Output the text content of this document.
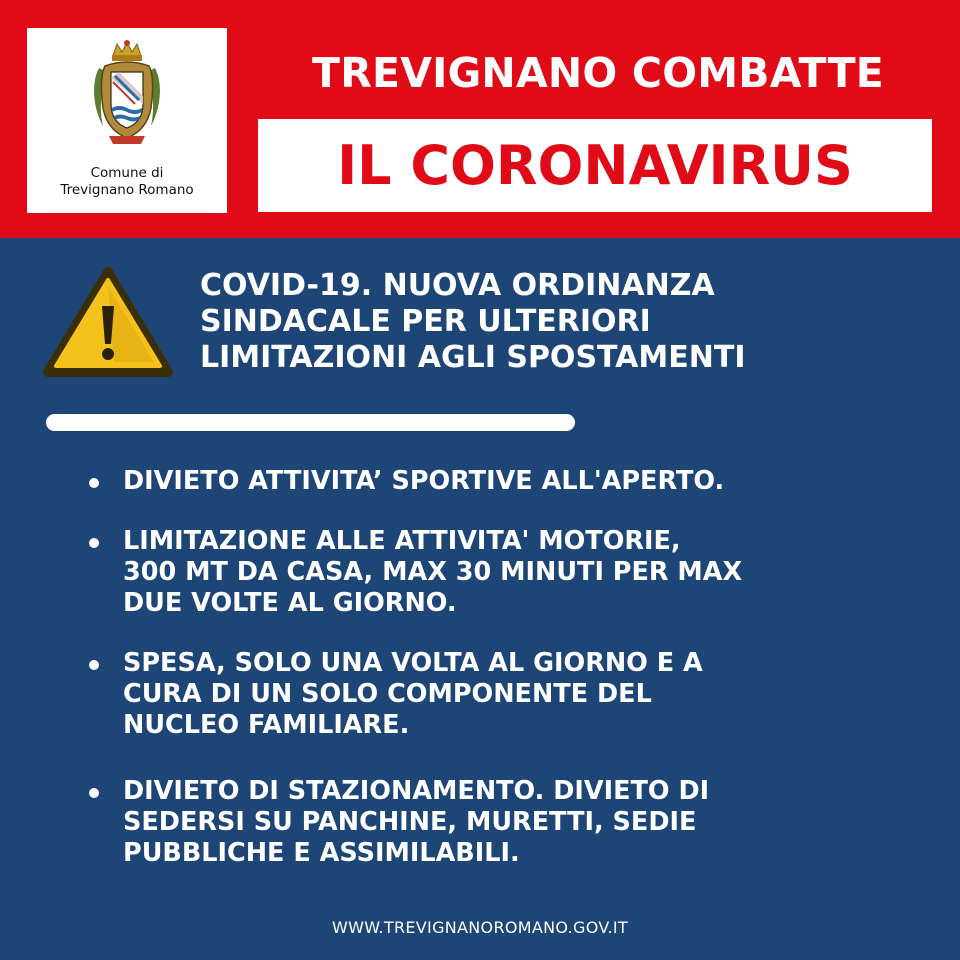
Comune di
Trevignano Romano
TREVIGNANO COMBATTE
IL CORONAVIRUS
COVID-19. NUOVA ORDINANZA
SINDACALE PER ULTERIORI
LIMITAZIONI AGLI SPOSTAMENTI
DIVIETO ATTIVITA’ SPORTIVE ALL'APERTO.
LIMITAZIONE ALLE ATTIVITA' MOTORIE,
300 MT DA CASA, MAX 30 MINUTI PER MAX
DUE VOLTE AL GIORNO.
SPESA, SOLO UNA VOLTA AL GIORNO E A
CURA DI UN SOLO COMPONENTE DEL
NUCLEO FAMILIARE.
DIVIETO DI STAZIONAMENTO. DIVIETO DI
SEDERSI SU PANCHINE, MURETTI, SEDIE
PUBBLICHE E ASSIMILABILI.
WWW.TREVIGNANOROMANO.GOV.IT
